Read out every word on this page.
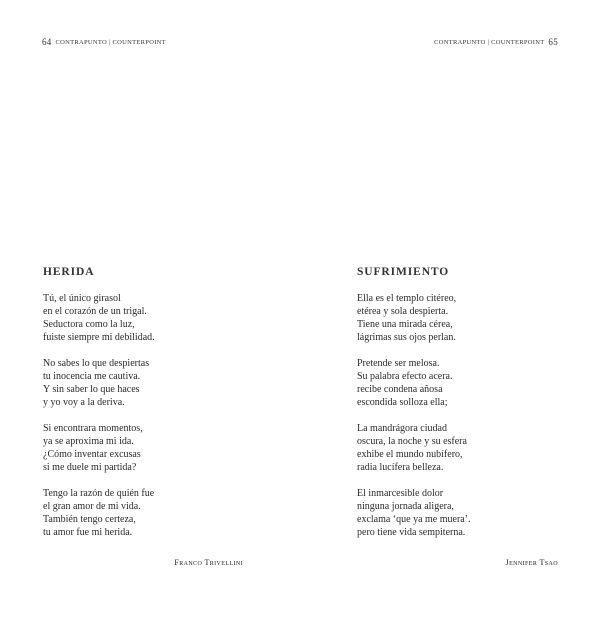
64 CONTRAPUNTO | COUNTERPOINT
HERIDA
Tú, el único girasol
en el corazón de un trigal.
Seductora como la luz,
fuiste siempre mi debilidad.
No sabes lo que despiertas
tu inocencia me cautiva.
Y sin saber lo que haces
y yo voy a la deriva.
Si encontrara momentos,
ya se aproxima mi ida.
¿Cómo inventar excusas
si me duele mi partida?
Tengo la razón de quién fue
el gran amor de mi vida.
También tengo certeza,
tu amor fue mi herida.
Franco Trivellini
CONTRAPUNTO | COUNTERPOINT 65
SUFRIMIENTO
Ella es el templo citéreo,
etérea y sola despierta.
Tiene una mirada cérea,
lágrimas sus ojos perlan.
Pretende ser melosa.
Su palabra efecto acera.
recibe condena añosa
escondida solloza ella;
La mandrágora ciudad
oscura, la noche y su esfera
exhibe el mundo nubífero,
radia lucífera belleza.
El inmarcesible dolor
ninguna jornada aligera,
exclama ‘que ya me muera’.
pero tiene vida sempiterna.
Jennifer Tsao
